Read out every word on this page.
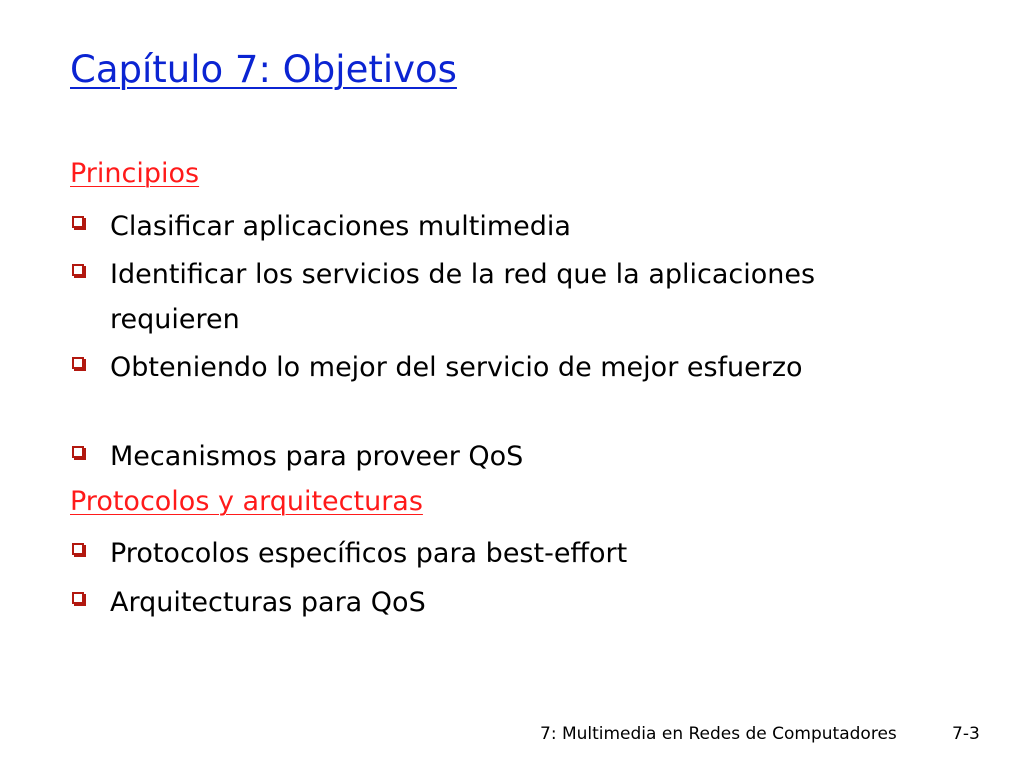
Capítulo 7: Objetivos
Principios
Clasificar aplicaciones multimedia
Identificar los servicios de la red que la aplicaciones requieren
Obteniendo lo mejor del servicio de mejor esfuerzo
Mecanismos para proveer QoS
Protocolos y arquitecturas
Protocolos específicos para best-effort
Arquitecturas para QoS
7: Multimedia en Redes de Computadores	7-3
